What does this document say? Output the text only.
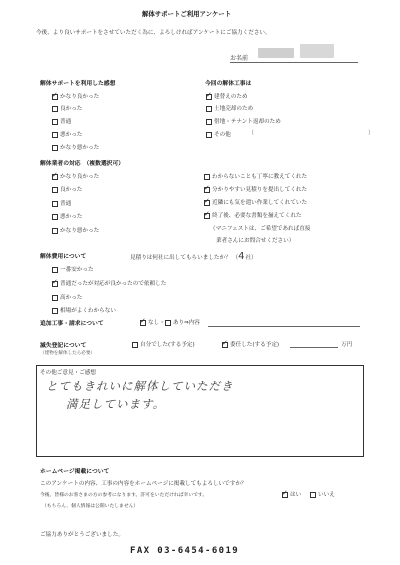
解体サポートご利用アンケート
今後、より良いサポートをさせていただく為に、よろしければアンケートにご協力ください。
お名前
解体サポートを利用した感想
✓ かなり良かった
良かった
普通
悪かった
かなり悪かった
今回の解体工事は
✓ 建替えのため
土地売却のため
借地・テナント返却のため
その他	（　　　　　　　　　　　　　　　　　　　）
解体業者の対応　（複数選択可）
✓ かなり良かった
良かった
普通
悪かった
かなり悪かった
わからないことも丁寧に教えてくれた
✓ 分かりやすい見積りを提出してくれた
✓ 近隣にも気を遣い作業してくれていた
✓ 終了後、必要な書類を揃えてくれた
（マニフェストは、ご希望であれば直接
業者さんにお問合せください）
解体費用について	見積りは何社に出してもらいましたか？ （4社）
一番安かった
✓ 普通だったが対応が良かったので依頼した
高かった
相場がよくわからない
追加工事・請求について	✓ なし・ あり⇒内容
滅失登記について
（建物を解体したら必要）
自分でした(する予定)	✓ 委任した(する予定)	万円
その他ご意見・ご感想
とてもきれいに解体していただき
満足しています。
ホームページ掲載について
このアンケートの内容、工事の内容をホームページに掲載してもよろしいですか？
今後、皆様のお客さまの方の参考になります。許可をいただければ幸いです。	✓ はい	いいえ
（もちろん、個人情報は公開いたしません）
ご協力ありがとうございました。
FAX 03-6454-6019
